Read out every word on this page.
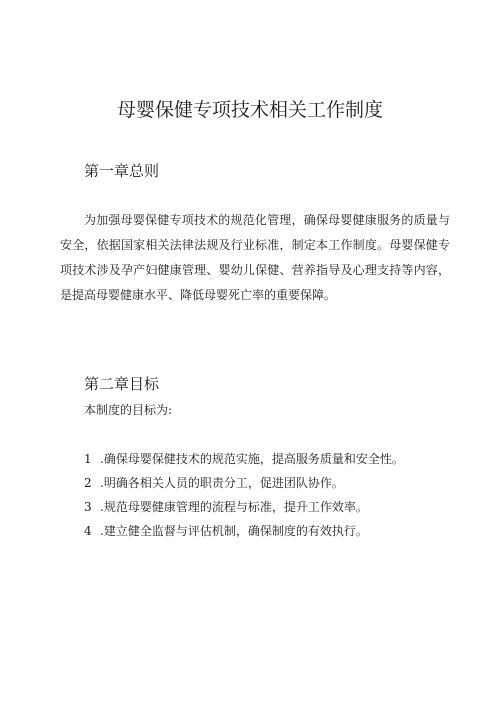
母婴保健专项技术相关工作制度
第一章总则

为加强母婴保健专项技术的规范化管理，确保母婴健康服务的质量与安全，依据国家相关法律法规及行业标准，制定本工作制度。母婴保健专项技术涉及孕产妇健康管理、婴幼儿保健、营养指导及心理支持等内容，是提高母婴健康水平、降低母婴死亡率的重要保障。

第二章目标
本制度的目标为:
1 .确保母婴保健技术的规范实施，提高服务质量和安全性。
2 .明确各相关人员的职责分工，促进团队协作。
3 .规范母婴健康管理的流程与标准，提升工作效率。
4 .建立健全监督与评估机制，确保制度的有效执行。
